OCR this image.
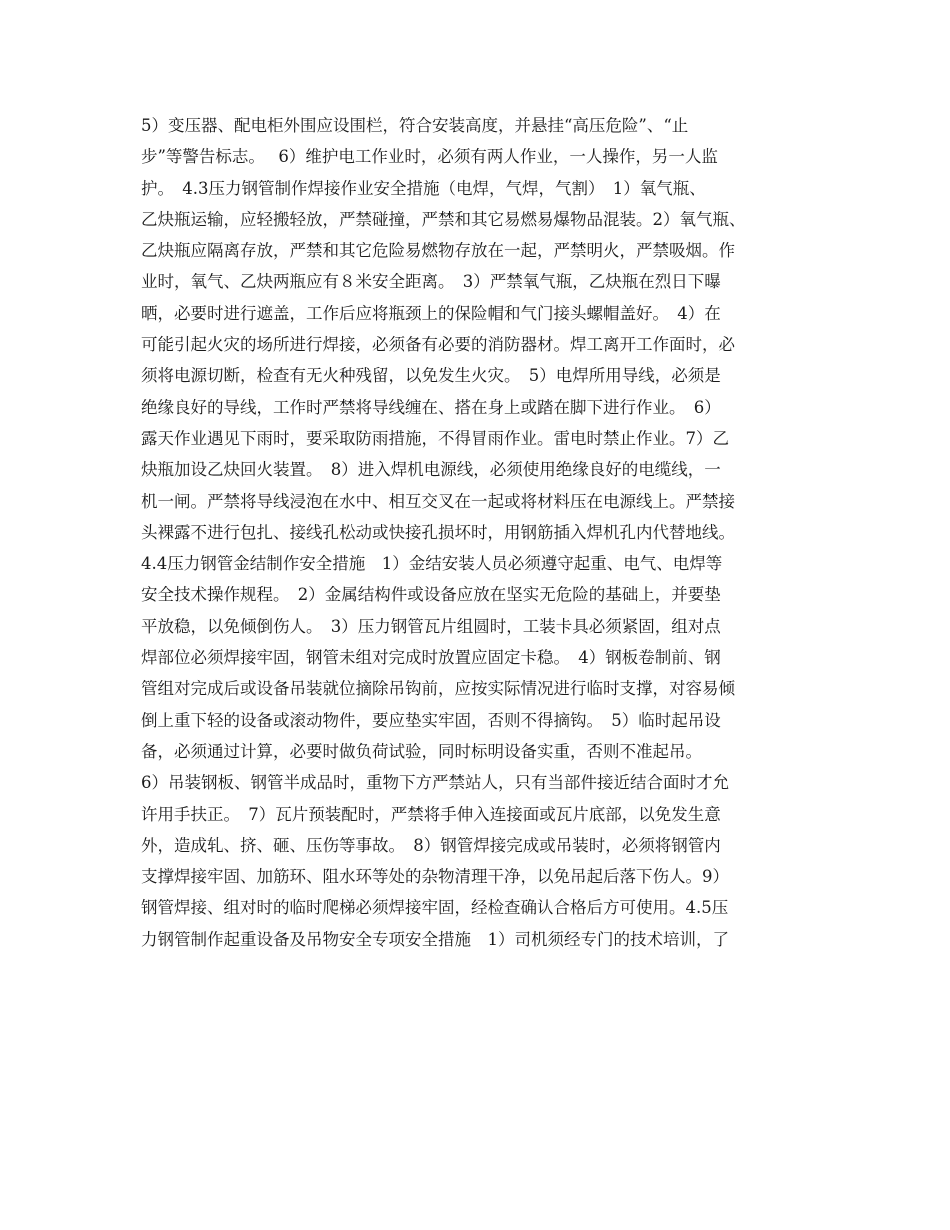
5）变压器、配电柜外围应设围栏，符合安装高度，并悬挂“高压危险”、“止
步”等警告标志。　 6）维护电工作业时，必须有两人作业，一人操作，另一人监
护。　4.3压力钢管制作焊接作业安全措施（电焊，气焊，气割）　1）氧气瓶、
乙炔瓶运输，应轻搬轻放，严禁碰撞，严禁和其它易燃易爆物品混装。2）氧气瓶、
乙炔瓶应隔离存放，严禁和其它危险易燃物存放在一起，严禁明火，严禁吸烟。作
业时，氧气、乙炔两瓶应有８米安全距离。　3）严禁氧气瓶，乙炔瓶在烈日下曝
晒，必要时进行遮盖，工作后应将瓶颈上的保险帽和气门接头螺帽盖好。　4）在
可能引起火灾的场所进行焊接，必须备有必要的消防器材。焊工离开工作面时，必
须将电源切断，检查有无火种残留，以免发生火灾。　5）电焊所用导线，必须是
绝缘良好的导线，工作时严禁将导线缠在、搭在身上或踏在脚下进行作业。　6）
露天作业遇见下雨时，要采取防雨措施，不得冒雨作业。雷电时禁止作业。7）乙
炔瓶加设乙炔回火装置。　8）进入焊机电源线，必须使用绝缘良好的电缆线，一
机一闸。严禁将导线浸泡在水中、相互交叉在一起或将材料压在电源线上。严禁接
头裸露不进行包扎、接线孔松动或快接孔损坏时，用钢筋插入焊机孔内代替地线。
4.4压力钢管金结制作安全措施　1）金结安装人员必须遵守起重、电气、电焊等
安全技术操作规程。　2）金属结构件或设备应放在坚实无危险的基础上，并要垫
平放稳，以免倾倒伤人。　3）压力钢管瓦片组圆时，工装卡具必须紧固，组对点
焊部位必须焊接牢固，钢管未组对完成时放置应固定卡稳。　4）钢板卷制前、钢
管组对完成后或设备吊装就位摘除吊钩前，应按实际情况进行临时支撑，对容易倾
倒上重下轻的设备或滚动物件，要应垫实牢固，否则不得摘钩。　5）临时起吊设
备，必须通过计算，必要时做负荷试验，同时标明设备实重，否则不准起吊。
6）吊装钢板、钢管半成品时，重物下方严禁站人，只有当部件接近结合面时才允
许用手扶正。　7）瓦片预装配时，严禁将手伸入连接面或瓦片底部，以免发生意
外，造成轧、挤、砸、压伤等事故。　8）钢管焊接完成或吊装时，必须将钢管内
支撑焊接牢固、加筋环、阻水环等处的杂物清理干净，以免吊起后落下伤人。9）
钢管焊接、组对时的临时爬梯必须焊接牢固，经检查确认合格后方可使用。4.5压
力钢管制作起重设备及吊物安全专项安全措施　1）司机须经专门的技术培训，了
